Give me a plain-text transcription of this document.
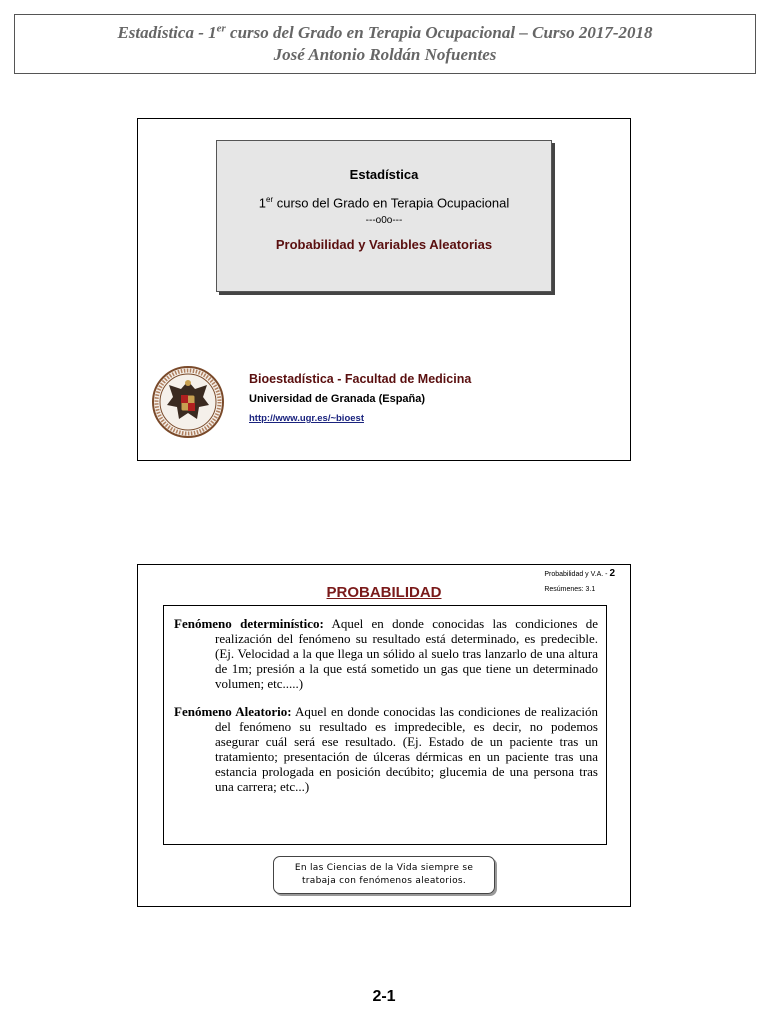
Estadística - 1er curso del Grado en Terapia Ocupacional – Curso 2017-2018
José Antonio Roldán Nofuentes
Estadística
1er curso del Grado en Terapia Ocupacional
---o0o---
Probabilidad y Variables Aleatorias
Bioestadística - Facultad de Medicina
Universidad de Granada (España)
http://www.ugr.es/~bioest
Probabilidad y V.A. - 2
Resúmenes: 3.1
PROBABILIDAD
Fenómeno determinístico: Aquel en donde conocidas las condiciones de realización del fenómeno su resultado está determinado, es predecible. (Ej. Velocidad a la que llega un sólido al suelo tras lanzarlo de una altura de 1m; presión a la que está sometido un gas que tiene un determinado volumen; etc.....)
Fenómeno Aleatorio: Aquel en donde conocidas las condiciones de realización del fenómeno su resultado es impredecible, es decir, no podemos asegurar cuál será ese resultado. (Ej. Estado de un paciente tras un tratamiento; presentación de úlceras dérmicas en un paciente tras una estancia prologada en posición decúbito; glucemia de una persona tras una carrera; etc...)
En las Ciencias de la Vida siempre se
trabaja con fenómenos aleatorios.
2-1
